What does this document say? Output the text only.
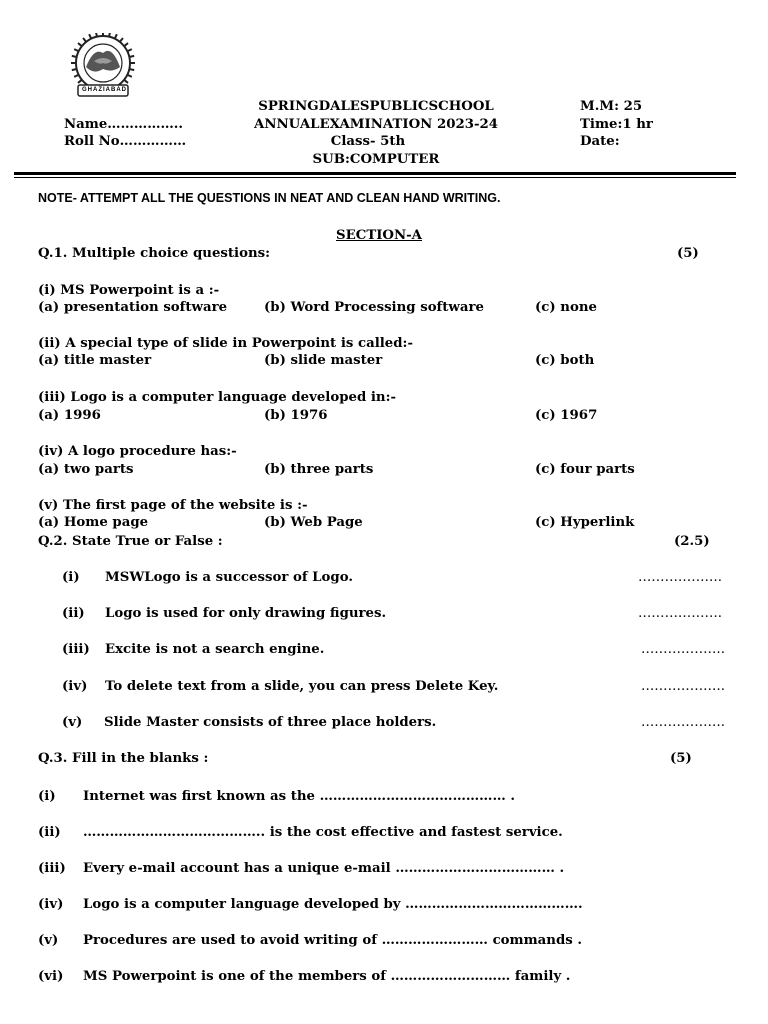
GHAZIABAD
SPRINGDALESPUBLICSCHOOL
ANNUALEXAMINATION 2023-24
Class- 5th
SUB:COMPUTER
Name……………..
Roll No……………
M.M: 25
Time:1 hr
Date:
NOTE- ATTEMPT ALL THE QUESTIONS IN NEAT AND CLEAN HAND WRITING.
SECTION-A
Q.1. Multiple choice questions:	(5)
(i) MS Powerpoint is a :-
(a) presentation software	(b) Word Processing software	(c) none
(ii) A special type of slide in Powerpoint is called:-
(a) title master	(b) slide master	(c) both
(iii) Logo is a computer language developed in:-
(a) 1996	(b) 1976	(c) 1967
(iv) A logo procedure has:-
(a) two parts	(b) three parts	(c) four parts
(v) The first page of the website is :-
(a) Home page	(b) Web Page	(c) Hyperlink
Q.2. State True or False :	(2.5)
(i) MSWLogo is a successor of Logo.	……………….
(ii) Logo is used for only drawing figures.	……………….
(iii) Excite is not a search engine.	……………….
(iv) To delete text from a slide, you can press Delete Key.	……………….
(v) Slide Master consists of three place holders.	……………….
Q.3. Fill in the blanks :	(5)
(i) Internet was first known as the …………………………………… .
(ii) ………………………………….. is the cost effective and fastest service.
(iii) Every e-mail account has a unique e-mail ……………………………… .
(iv) Logo is a computer language developed by ………………………………….
(v) Procedures are used to avoid writing of …………………… commands .
(vi) MS Powerpoint is one of the members of ……………………… family .
